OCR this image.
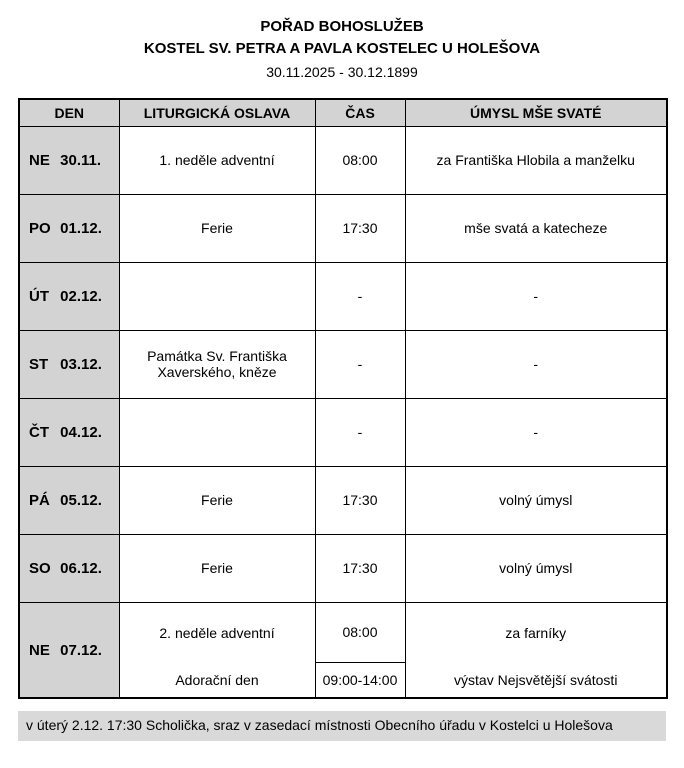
POŘAD BOHOSLUŽEB
KOSTEL SV. PETRA A PAVLA KOSTELEC U HOLEŠOVA
30.11.2025 - 30.12.1899
DEN	LITURGICKÁ OSLAVA	ČAS	ÚMYSL MŠE SVATÉ
NE 30.11.	1. neděle adventní	08:00	za Františka Hlobila a manželku
PO 01.12.	Ferie	17:30	mše svatá a katecheze
ÚT 02.12.		-	-
ST 03.12.	Památka Sv. Františka Xaverského, kněze	-	-
ČT 04.12.		-	-
PÁ 05.12.	Ferie	17:30	volný úmysl
SO 06.12.	Ferie	17:30	volný úmysl
NE 07.12.	2. neděle adventní	08:00	za farníky
	Adorační den	09:00-14:00	výstav Nejsvětější svátosti
v úterý 2.12. 17:30 Scholička, sraz v zasedací místnosti Obecního úřadu v Kostelci u Holešova
